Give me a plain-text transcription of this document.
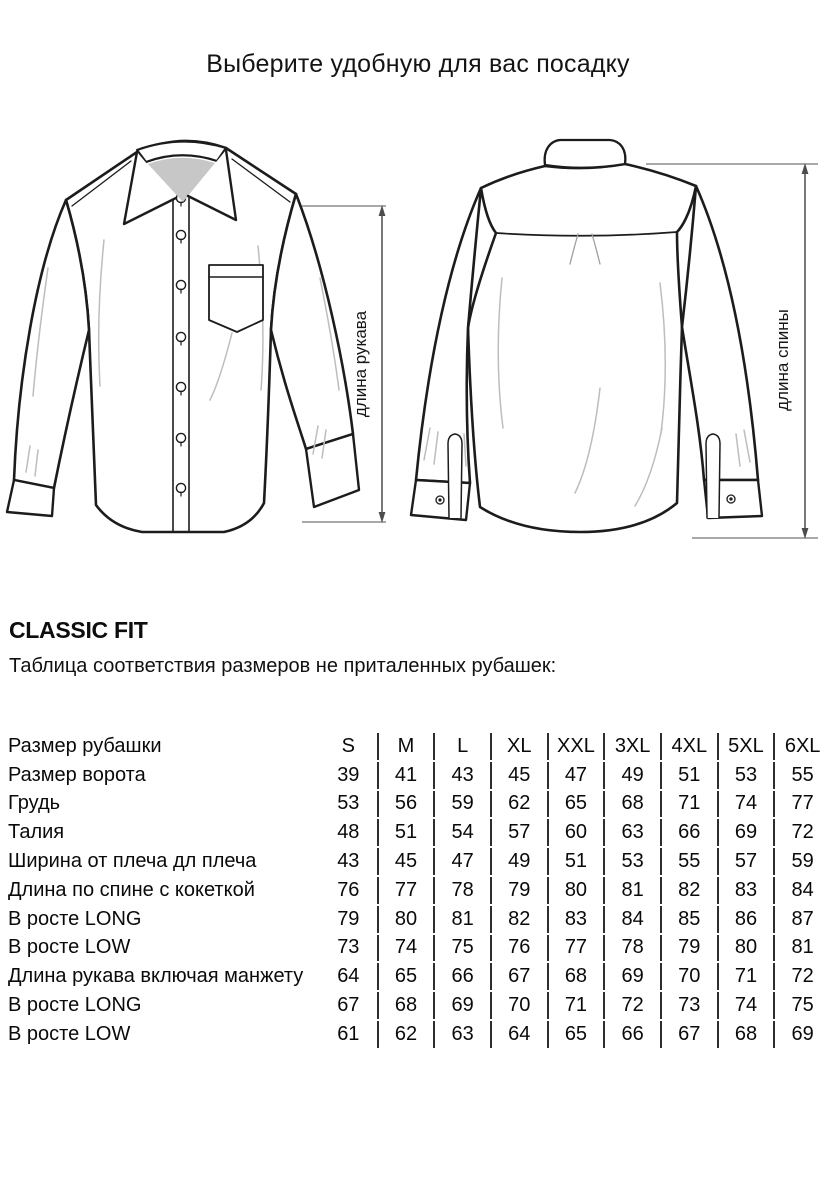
Выберите удобную для вас посадку
длина рукава	длина спины
CLASSIC FIT
Таблица соответствия размеров не приталенных рубашек:
Размер рубашки	S	M	L	XL	XXL	3XL	4XL	5XL	6XL
Размер ворота	39	41	43	45	47	49	51	53	55
Грудь	53	56	59	62	65	68	71	74	77
Талия	48	51	54	57	60	63	66	69	72
Ширина от плеча дл плеча	43	45	47	49	51	53	55	57	59
Длина по спине с кокеткой	76	77	78	79	80	81	82	83	84
В росте LONG	79	80	81	82	83	84	85	86	87
В росте LOW	73	74	75	76	77	78	79	80	81
Длина рукава включая манжету	64	65	66	67	68	69	70	71	72
В росте LONG	67	68	69	70	71	72	73	74	75
В росте LOW	61	62	63	64	65	66	67	68	69
